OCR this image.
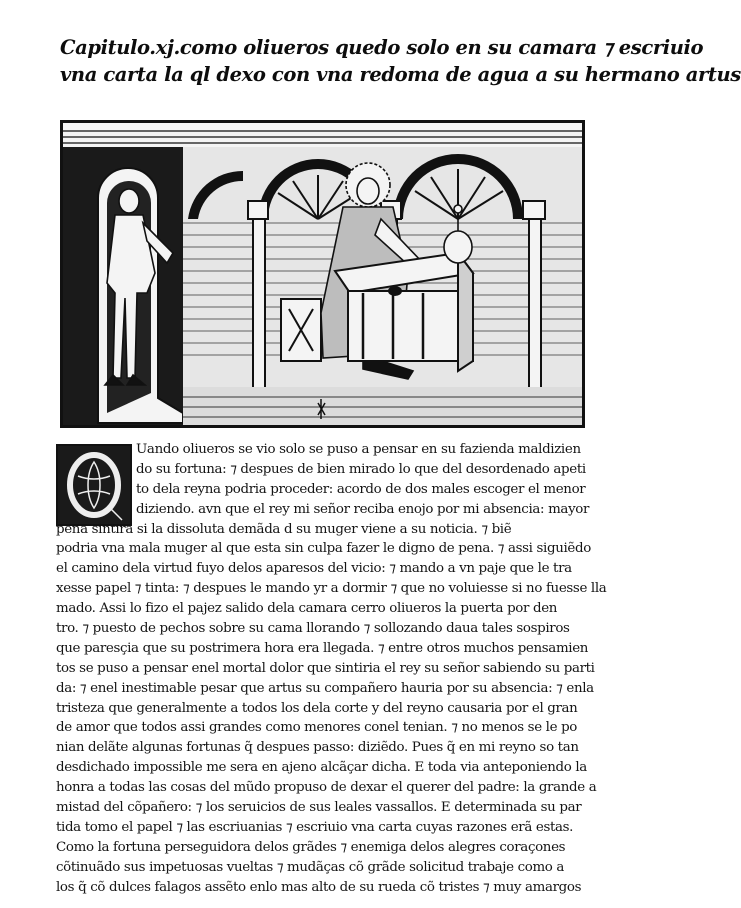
Capitulo.xj.como oliueros quedo solo en su camara ⁊ escriuio
vna carta la ql dexo con vna redoma de agua a su hermano artus
Uando oliueros se vio solo se puso a pensar en su fazienda maldizien
do su fortuna: ⁊ despues de bien mirado lo que del desordenado apeti
to dela reyna podria proceder: acordo de dos males escoger el menor
diziendo. avn que el rey mi señor reciba enojo por mi absencia: mayor
pena sintira si la dissoluta demãda d su muger viene a su noticia. ⁊ biẽ
podria vna mala muger al que esta sin culpa fazer le digno de pena. ⁊ assi siguiẽdo
el camino dela virtud fuyo delos aparesos del vicio: ⁊ mando a vn paje que le tra
xesse papel ⁊ tinta: ⁊ despues le mando yr a dormir ⁊ que no voluiesse si no fuesse lla
mado. Assi lo fizo el pajez salido dela camara cerro oliueros la puerta por den
tro. ⁊ puesto de pechos sobre su cama llorando ⁊ sollozando daua tales sospiros
que paresçia que su postrimera hora era llegada. ⁊ entre otros muchos pensamien
tos se puso a pensar enel mortal dolor que sintiria el rey su señor sabiendo su parti
da: ⁊ enel inestimable pesar que artus su compañero hauria por su absencia: ⁊ enla
tristeza que generalmente a todos los dela corte y del reyno causaria por el gran
de amor que todos assi grandes como menores conel tenian. ⁊ no menos se le po
nian delãte algunas fortunas q̃ despues passo: diziẽdo. Pues q̃ en mi reyno so tan
desdichado impossible me sera en ajeno alcãçar dicha. E toda via anteponiendo la
honra a todas las cosas del mũdo propuso de dexar el querer del padre: la grande a
mistad del cõpañero: ⁊ los seruicios de sus leales vassallos. E determinada su par
tida tomo el papel ⁊ las escriuanias ⁊ escriuio vna carta cuyas razones erã estas.
Como la fortuna perseguidora delos grãdes ⁊ enemiga delos alegres coraçones
cõtinuãdo sus impetuosas vueltas ⁊ mudãças cõ grãde solicitud trabaje como a
los q̃ cõ dulces falagos assẽto enlo mas alto de su rueda cõ tristes ⁊ muy amargos
